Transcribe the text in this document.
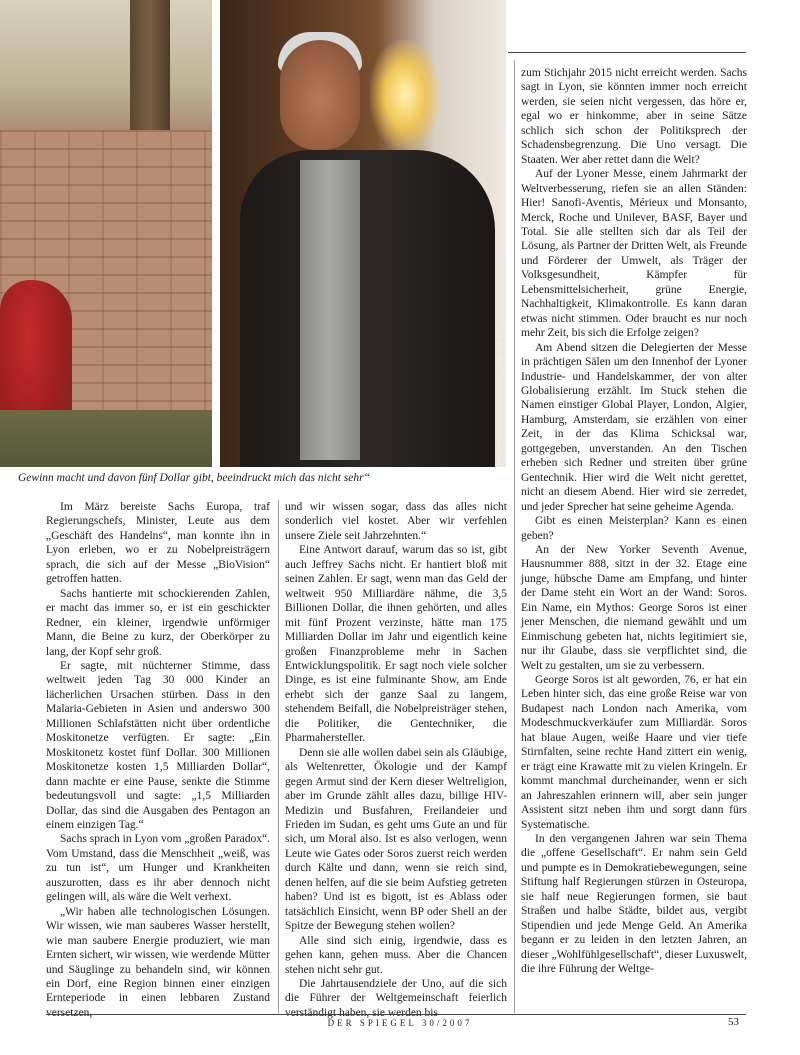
LINKS: MARTIN / AGENTUR FOCUS (L.); REA / LAIF (R.)
Gewinn macht und davon fünf Dollar gibt, beeindruckt mich das nicht sehr“

Im März bereiste Sachs Europa, traf Regierungschefs, Minister, Leute aus dem „Geschäft des Handelns“, man konnte ihn in Lyon erleben, wo er zu Nobelpreisträgern sprach, die sich auf der Messe „BioVision“ getroffen hatten.

Sachs hantierte mit schockierenden Zahlen, er macht das immer so, er ist ein geschickter Redner, ein kleiner, irgendwie unförmiger Mann, die Beine zu kurz, der Oberkörper zu lang, der Kopf sehr groß.

Er sagte, mit nüchterner Stimme, dass weltweit jeden Tag 30 000 Kinder an lächerlichen Ursachen stürben. Dass in den Malaria-Gebieten in Asien und anderswo 300 Millionen Schlafstätten nicht über ordentliche Moskitonetze verfügten. Er sagte: „Ein Moskitonetz kostet fünf Dollar. 300 Millionen Moskitonetze kosten 1,5 Milliarden Dollar“, dann machte er eine Pause, senkte die Stimme bedeutungsvoll und sagte: „1,5 Milliarden Dollar, das sind die Ausgaben des Pentagon an einem einzigen Tag.“

Sachs sprach in Lyon vom „großen Paradox“. Vom Umstand, dass die Menschheit „weiß, was zu tun ist“, um Hunger und Krankheiten auszurotten, dass es ihr aber dennoch nicht gelingen will, als wäre die Welt verhext.

„Wir haben alle technologischen Lösungen. Wir wissen, wie man sauberes Wasser herstellt, wie man saubere Energie produziert, wie man Ernten sichert, wir wissen, wie werdende Mütter und Säuglinge zu behandeln sind, wir können ein Dorf, eine Region binnen einer einzigen Ernteperiode in einen lebbaren Zustand versetzen,

und wir wissen sogar, dass das alles nicht sonderlich viel kostet. Aber wir verfehlen unsere Ziele seit Jahrzehnten.“

Eine Antwort darauf, warum das so ist, gibt auch Jeffrey Sachs nicht. Er hantiert bloß mit seinen Zahlen. Er sagt, wenn man das Geld der weltweit 950 Milliardäre nähme, die 3,5 Billionen Dollar, die ihnen gehörten, und alles mit fünf Prozent verzinste, hätte man 175 Milliarden Dollar im Jahr und eigentlich keine großen Finanzprobleme mehr in Sachen Entwicklungspolitik. Er sagt noch viele solcher Dinge, es ist eine fulminante Show, am Ende erhebt sich der ganze Saal zu langem, stehendem Beifall, die Nobelpreisträger stehen, die Politiker, die Gentechniker, die Pharmahersteller.

Denn sie alle wollen dabei sein als Gläubige, als Weltenretter, Ökologie und der Kampf gegen Armut sind der Kern dieser Weltreligion, aber im Grunde zählt alles dazu, billige HIV-Medizin und Busfahren, Freilandeier und Frieden im Sudan, es geht ums Gute an und für sich, um Moral also. Ist es also verlogen, wenn Leute wie Gates oder Soros zuerst reich werden durch Kälte und dann, wenn sie reich sind, denen helfen, auf die sie beim Aufstieg getreten haben? Und ist es bigott, ist es Ablass oder tatsächlich Einsicht, wenn BP oder Shell an der Spitze der Bewegung stehen wollen?

Alle sind sich einig, irgendwie, dass es gehen kann, gehen muss. Aber die Chancen stehen nicht sehr gut.

Die Jahrtausendziele der Uno, auf die sich die Führer der Weltgemeinschaft feierlich verständigt haben, sie werden bis

zum Stichjahr 2015 nicht erreicht werden. Sachs sagt in Lyon, sie könnten immer noch erreicht werden, sie seien nicht vergessen, das höre er, egal wo er hinkomme, aber in seine Sätze schlich sich schon der Politiksprech der Schadensbegrenzung. Die Uno versagt. Die Staaten. Wer aber rettet dann die Welt?

Auf der Lyoner Messe, einem Jahrmarkt der Weltverbesserung, riefen sie an allen Ständen: Hier! Sanofi-Aventis, Mérieux und Monsanto, Merck, Roche und Unilever, BASF, Bayer und Total. Sie alle stellten sich dar als Teil der Lösung, als Partner der Dritten Welt, als Freunde und Förderer der Umwelt, als Träger der Volksgesundheit, Kämpfer für Lebensmittelsicherheit, grüne Energie, Nachhaltigkeit, Klimakontrolle. Es kann daran etwas nicht stimmen. Oder braucht es nur noch mehr Zeit, bis sich die Erfolge zeigen?

Am Abend sitzen die Delegierten der Messe in prächtigen Sälen um den Innenhof der Lyoner Industrie- und Handelskammer, der von alter Globalisierung erzählt. Im Stuck stehen die Namen einstiger Global Player, London, Algier, Hamburg, Amsterdam, sie erzählen von einer Zeit, in der das Klima Schicksal war, gottgegeben, unverstanden. An den Tischen erheben sich Redner und streiten über grüne Gentechnik. Hier wird die Welt nicht gerettet, nicht an diesem Abend. Hier wird sie zerredet, und jeder Sprecher hat seine geheime Agenda.

Gibt es einen Meisterplan? Kann es einen geben?

An der New Yorker Seventh Avenue, Hausnummer 888, sitzt in der 32. Etage eine junge, hübsche Dame am Empfang, und hinter der Dame steht ein Wort an der Wand: Soros. Ein Name, ein Mythos: George Soros ist einer jener Menschen, die niemand gewählt und um Einmischung gebeten hat, nichts legitimiert sie, nur ihr Glaube, dass sie verpflichtet sind, die Welt zu gestalten, um sie zu verbessern.

George Soros ist alt geworden, 76, er hat ein Leben hinter sich, das eine große Reise war von Budapest nach London nach Amerika, vom Modeschmuckverkäufer zum Milliardär. Soros hat blaue Augen, weiße Haare und vier tiefe Stirnfalten, seine rechte Hand zittert ein wenig, er trägt eine Krawatte mit zu vielen Kringeln. Er kommt manchmal durcheinander, wenn er sich an Jahreszahlen erinnern will, aber sein junger Assistent sitzt neben ihm und sorgt dann fürs Systematische.

In den vergangenen Jahren war sein Thema die „offene Gesellschaft“. Er nahm sein Geld und pumpte es in Demokratiebewegungen, seine Stiftung half Regierungen stürzen in Osteuropa, sie half neue Regierungen formen, sie baut Straßen und halbe Städte, bildet aus, vergibt Stipendien und jede Menge Geld. An Amerika begann er zu leiden in den letzten Jahren, an dieser „Wohlfühlgesellschaft“, dieser Luxuswelt, die ihre Führung der Weltge-

DER SPIEGEL 30/2007	53
